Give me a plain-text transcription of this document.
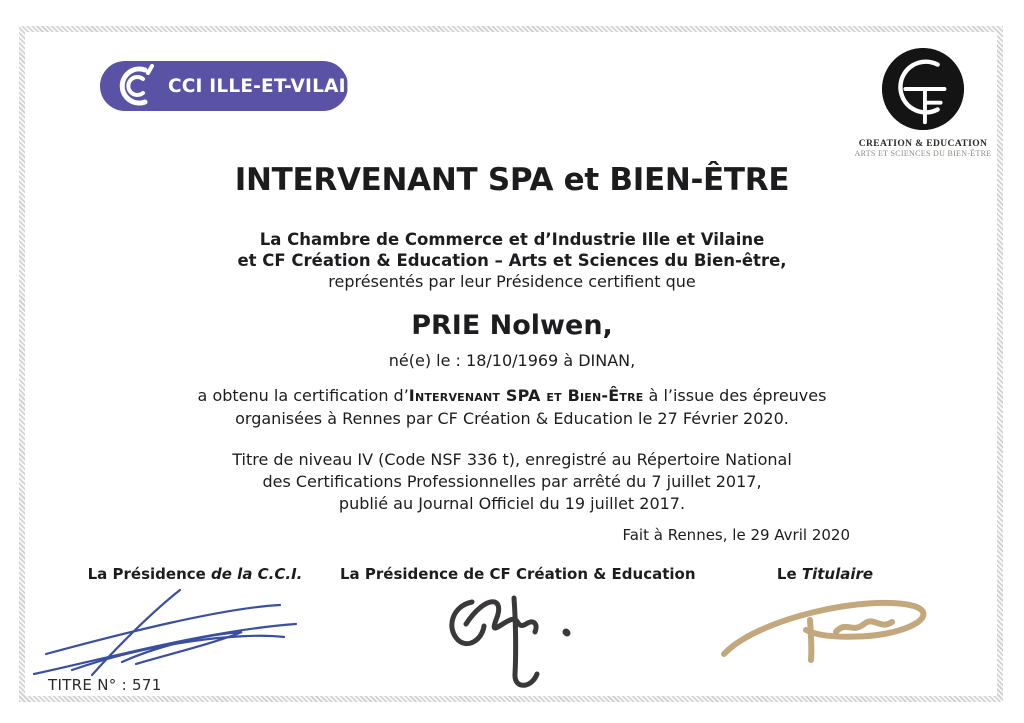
CCI ILLE-ET-VILAINE
CREATION & EDUCATION
ARTS ET SCIENCES DU BIEN-ÊTRE
INTERVENANT SPA et BIEN-ÊTRE
La Chambre de Commerce et d’Industrie Ille et Vilaine
et CF Création & Education – Arts et Sciences du Bien-être,
représentés par leur Présidence certifient que
PRIE Nolwen,
né(e) le : 18/10/1969 à DINAN,
a obtenu la certification d’Intervenant SPA et Bien-Être à l’issue des épreuves
organisées à Rennes par CF Création & Education le 27 Février 2020.
Titre de niveau IV (Code NSF 336 t), enregistré au Répertoire National
des Certifications Professionnelles par arrêté du 7 juillet 2017,
publié au Journal Officiel du 19 juillet 2017.
Fait à Rennes, le 29 Avril 2020
La Présidence de la C.C.I.	La Présidence de CF Création & Education	Le Titulaire
TITRE N° : 571
